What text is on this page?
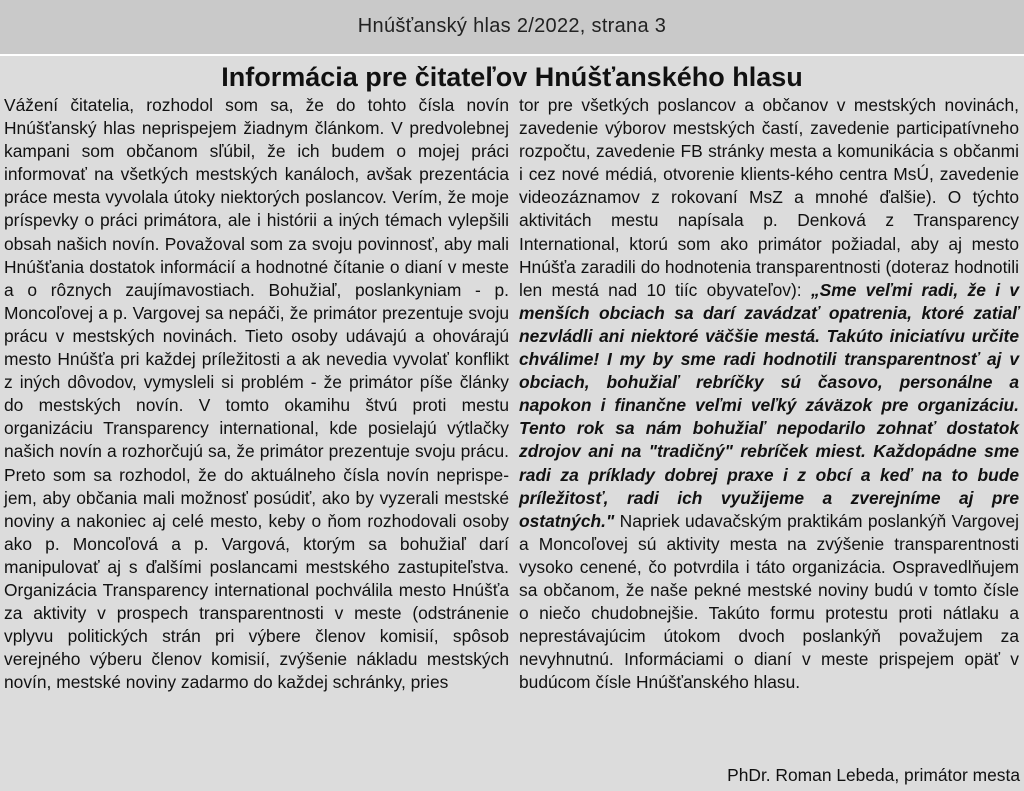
Hnúšťanský hlas 2/2022, strana 3
Informácia pre čitateľov Hnúšťanského hlasu
Vážení čitatelia, rozhodol som sa, že do tohto čísla novín Hnúšťanský hlas neprispejem žiadnym článkom. V predvolebnej kampani som občanom sľúbil, že ich budem o mojej práci informovať na všetkých mestských kanáloch, avšak prezentácia práce mesta vyvolala útoky niektorých poslancov. Verím, že moje príspevky o práci primátora, ale i histórii a iných témach vylepšili obsah našich novín. Považoval som za svoju povinnosť, aby mali Hnúšťania dostatok informácií a hodnotné čítanie o dianí v meste a o rôznych zaujímavostiach. Bohužiaľ, poslankyniam - p. Moncoľovej a p. Vargovej sa nepáči, že primátor prezentuje svoju prácu v mestských novinách. Tieto osoby udávajú a ohovárajú mesto Hnúšťa pri každej príležitosti a ak nevedia vyvolať konflikt z iných dôvodov, vymysleli si problém - že primátor píše články do mestských novín. V tomto okamihu štvú proti mestu organizáciu Transparency international, kde posielajú výtlačky našich novín a rozhorčujú sa, že primátor prezentuje svoju prácu. Preto som sa rozhodol, že do aktuálneho čísla novín neprispejem, aby občania mali možnosť posúdiť, ako by vyzerali mestské noviny a nakoniec aj celé mesto, keby o ňom rozhodovali osoby ako p. Moncoľová a p. Vargová, ktorým sa bohužiaľ darí manipulovať aj s ďalšími poslancami mestského zastupiteľstva. Organizácia Transparency international pochválila mesto Hnúšťa za aktivity v prospech transparentnosti v meste (odstránenie vplyvu politických strán pri výbere členov komisií, spôsob verejného výberu členov komisií, zvýšenie nákladu mestských novín, mestské noviny zadarmo do každej schránky, pries
tor pre všetkých poslancov a občanov v mestských novinách, zavedenie výborov mestských častí, zavedenie participatívneho rozpočtu, zavedenie FB stránky mesta a komunikácia s občanmi i cez nové médiá, otvorenie klients-kého centra MsÚ, zavedenie videozáznamov z rokovaní MsZ a mnohé ďalšie). O týchto aktivitách mestu napísala p. Denková z Transparency International, ktorú som ako primátor požiadal, aby aj mesto Hnúšťa zaradili do hodnotenia transparentnosti (doteraz hodnotili len mestá nad 10 tiíc obyvateľov): „Sme veľmi radi, že i v menších obciach sa darí zavádzať opatrenia, ktoré zatiaľ nezvládli ani niektoré väčšie mestá. Takúto iniciatívu určite chválime! I my by sme radi hodnotili transparentnosť aj v obciach, bohužiaľ rebríčky sú časovo, personálne a napokon i finančne veľmi veľký záväzok pre organizáciu. Tento rok sa nám bohužiaľ nepodarilo zohnať dostatok zdrojov ani na "tradičný" rebríček miest. Každopádne sme radi za príklady dobrej praxe i z obcí a keď na to bude príležitosť, radi ich využijeme a zverejníme aj pre ostatných." Napriek udavačským praktikám poslankýň Vargovej a Moncoľovej sú aktivity mesta na zvýšenie transparentnosti vysoko cenené, čo potvrdila i táto organizácia. Ospravedlňujem sa občanom, že naše pekné mestské noviny budú v tomto čísle o niečo chudobnejšie. Takúto formu protestu proti nátlaku a neprestávajúcim útokom dvoch poslankýň považujem za nevyhnutnú. Informáciami o dianí v meste prispejem opäť v budúcom čísle Hnúšťanského hlasu.
PhDr. Roman Lebeda, primátor mesta
